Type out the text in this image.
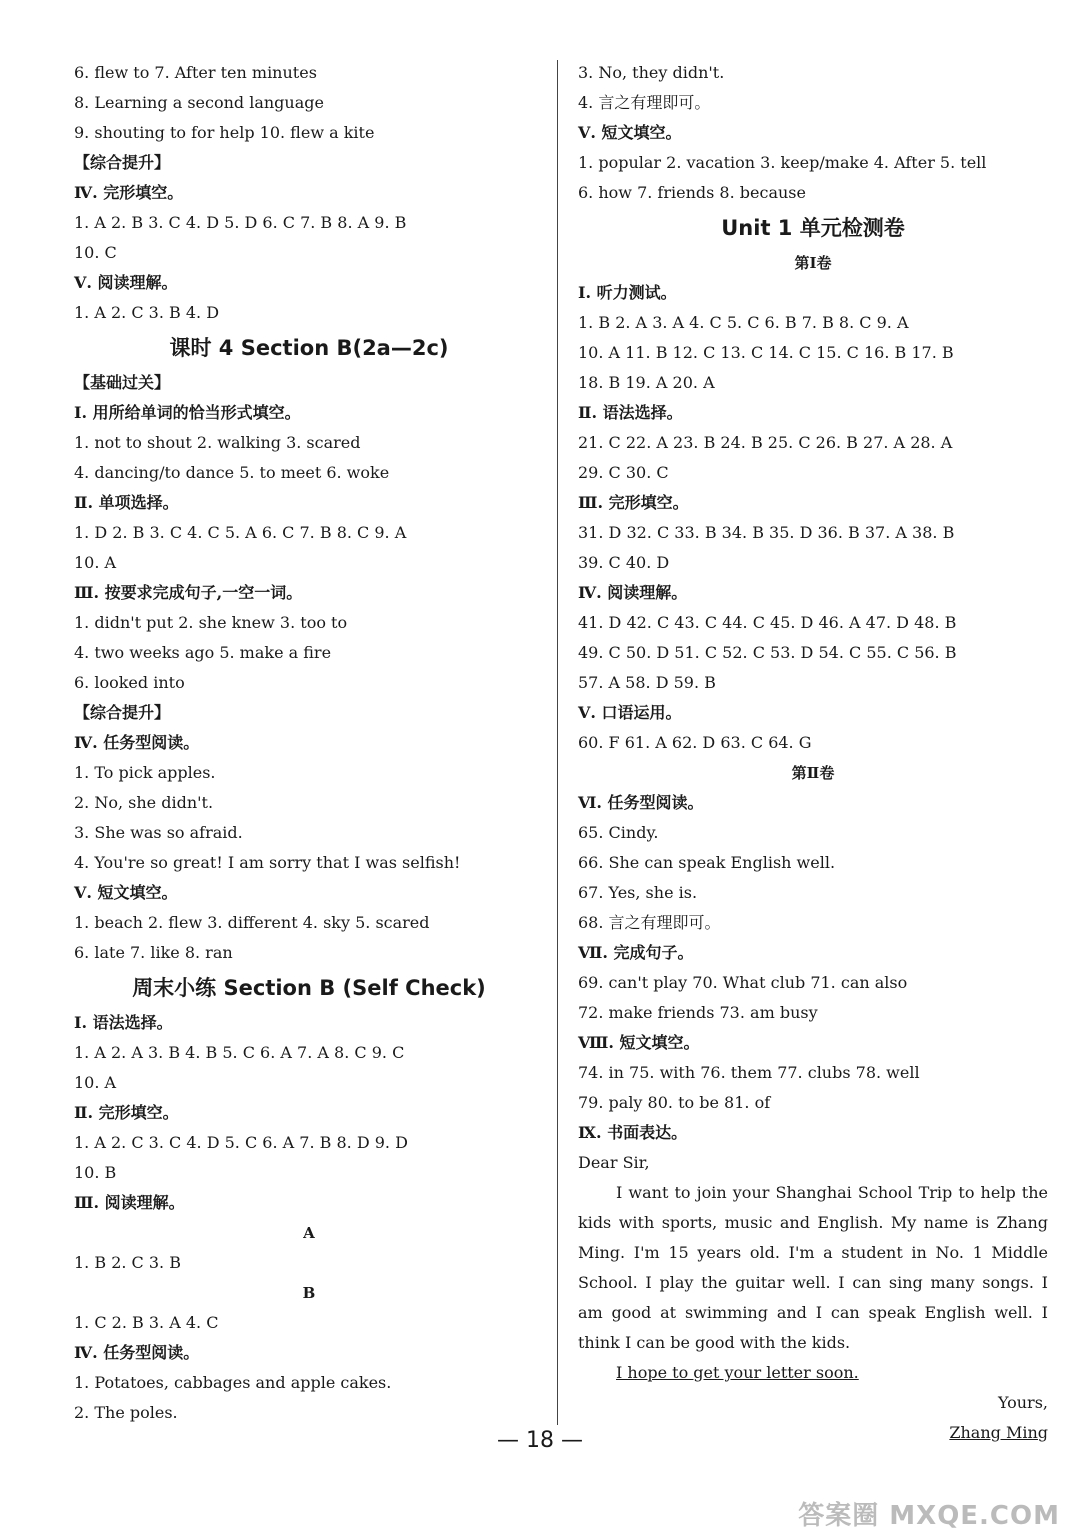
6. flew to 7. After ten minutes
8. Learning a second language
9. shouting to for help 10. flew a kite
【综合提升】
Ⅳ. 完形填空。
1. A 2. B 3. C 4. D 5. D 6. C 7. B 8. A 9. B
10. C
Ⅴ. 阅读理解。
1. A 2. C 3. B 4. D
课时 4 Section B(2a—2c)
【基础过关】
Ⅰ. 用所给单词的恰当形式填空。
1. not to shout 2. walking 3. scared
4. dancing/to dance 5. to meet 6. woke
Ⅱ. 单项选择。
1. D 2. B 3. C 4. C 5. A 6. C 7. B 8. C 9. A
10. A
Ⅲ. 按要求完成句子,一空一词。
1. didn't put 2. she knew 3. too to
4. two weeks ago 5. make a fire
6. looked into
【综合提升】
Ⅳ. 任务型阅读。
1. To pick apples.
2. No, she didn't.
3. She was so afraid.
4. You're so great! I am sorry that I was selfish!
Ⅴ. 短文填空。
1. beach 2. flew 3. different 4. sky 5. scared
6. late 7. like 8. ran
周末小练 Section B (Self Check)
Ⅰ. 语法选择。
1. A 2. A 3. B 4. B 5. C 6. A 7. A 8. C 9. C
10. A
Ⅱ. 完形填空。
1. A 2. C 3. C 4. D 5. C 6. A 7. B 8. D 9. D
10. B
Ⅲ. 阅读理解。
A
1. B 2. C 3. B
B
1. C 2. B 3. A 4. C
Ⅳ. 任务型阅读。
1. Potatoes, cabbages and apple cakes.
2. The poles.
3. No, they didn't.
4. 言之有理即可。
Ⅴ. 短文填空。
1. popular 2. vacation 3. keep/make 4. After 5. tell
6. how 7. friends 8. because
Unit 1 单元检测卷
第Ⅰ卷
Ⅰ. 听力测试。
1. B 2. A 3. A 4. C 5. C 6. B 7. B 8. C 9. A
10. A 11. B 12. C 13. C 14. C 15. C 16. B 17. B
18. B 19. A 20. A
Ⅱ. 语法选择。
21. C 22. A 23. B 24. B 25. C 26. B 27. A 28. A
29. C 30. C
Ⅲ. 完形填空。
31. D 32. C 33. B 34. B 35. D 36. B 37. A 38. B
39. C 40. D
Ⅳ. 阅读理解。
41. D 42. C 43. C 44. C 45. D 46. A 47. D 48. B
49. C 50. D 51. C 52. C 53. D 54. C 55. C 56. B
57. A 58. D 59. B
Ⅴ. 口语运用。
60. F 61. A 62. D 63. C 64. G
第Ⅱ卷
Ⅵ. 任务型阅读。
65. Cindy.
66. She can speak English well.
67. Yes, she is.
68. 言之有理即可。
Ⅶ. 完成句子。
69. can't play 70. What club 71. can also
72. make friends 73. am busy
Ⅷ. 短文填空。
74. in 75. with 76. them 77. clubs 78. well
79. paly 80. to be 81. of
Ⅸ. 书面表达。
Dear Sir,

I want to join your Shanghai School Trip to help the kids with sports, music and English. My name is Zhang Ming. I'm 15 years old. I'm a student in No. 1 Middle School. I play the guitar well. I can sing many songs. I am good at swimming and I can speak English well. I think I can be good with the kids.

I hope to get your letter soon.
Yours,
Zhang Ming
— 18 —
答案圈 MXQE.COM
